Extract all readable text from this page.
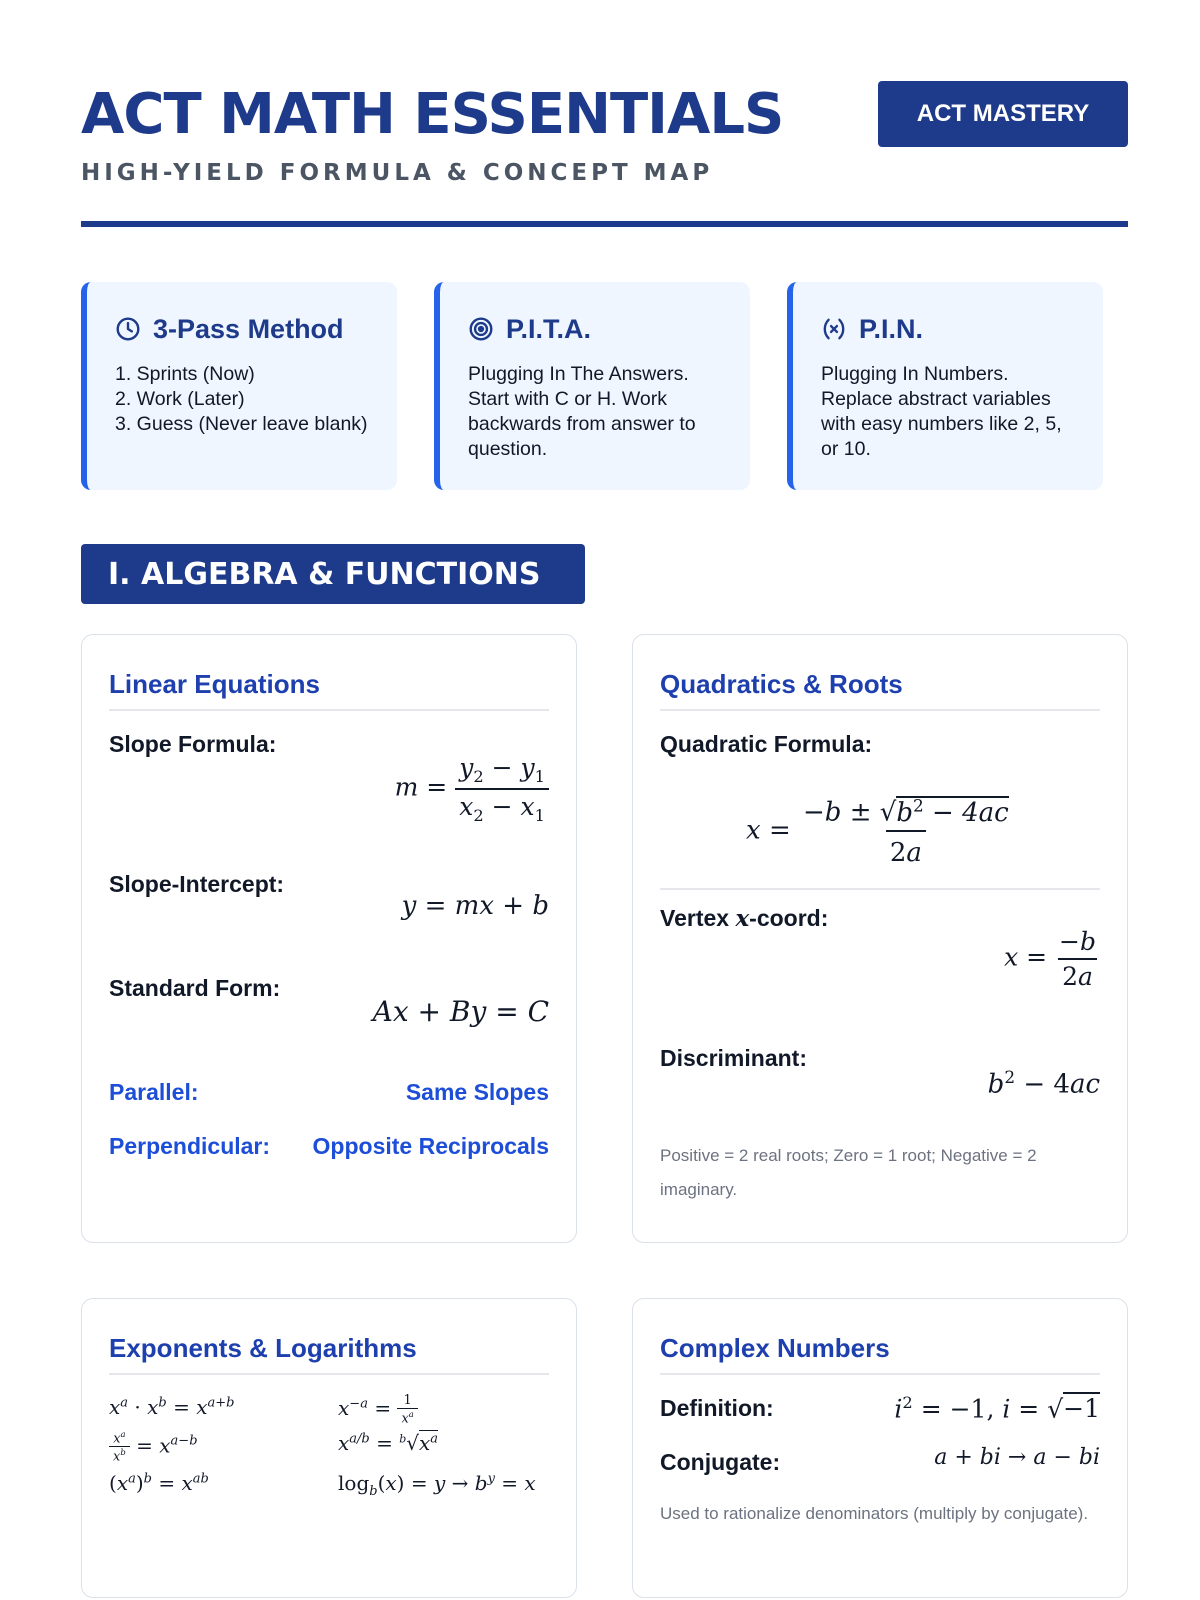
ACT MATH ESSENTIALS
HIGH-YIELD FORMULA & CONCEPT MAP
ACT MASTERY
3-Pass Method
1. Sprints (Now)
2. Work (Later)
3. Guess (Never leave blank)
P.I.T.A.
Plugging In The Answers. Start with C or H. Work backwards from answer to question.
P.I.N.
Plugging In Numbers. Replace abstract variables with easy numbers like 2, 5, or 10.
I. ALGEBRA & FUNCTIONS
Linear Equations
Slope Formula:
$m = \frac{y_2 - y_1}{x_2 - x_1}$
Slope-Intercept:
y = mx + b
Standard Form:
Ax + By = C
Parallel:	Same Slopes
Perpendicular: Opposite Reciprocals
Quadratics & Roots
Quadratic Formula:
$x = \frac{-b \pm √b^2 - 4ac}{2a}$
Vertex x-coord:
$x = \frac{-b}{2a}$
Discriminant:
$b^2 - 4ac$
Positive = 2 real roots; Zero = 1 root; Negative = 2 imaginary.
Exponents & Logarithms
$x^a \cdot x^b = x^{a+b}$
$\frac{x^a}{x^b} = x^{a-b}$
$(x^a)^b = x^{ab}$
$x^{-a} = \frac{1}{x^a}$
$x^{a/b} = ^b√x^a$
$\log_b(x) = y \to b^y = x$
Complex Numbers
Definition:	$i^2 = -1$, i = √−1
Conjugate:	a + bi → a − bi
Used to rationalize denominators (multiply by conjugate).
